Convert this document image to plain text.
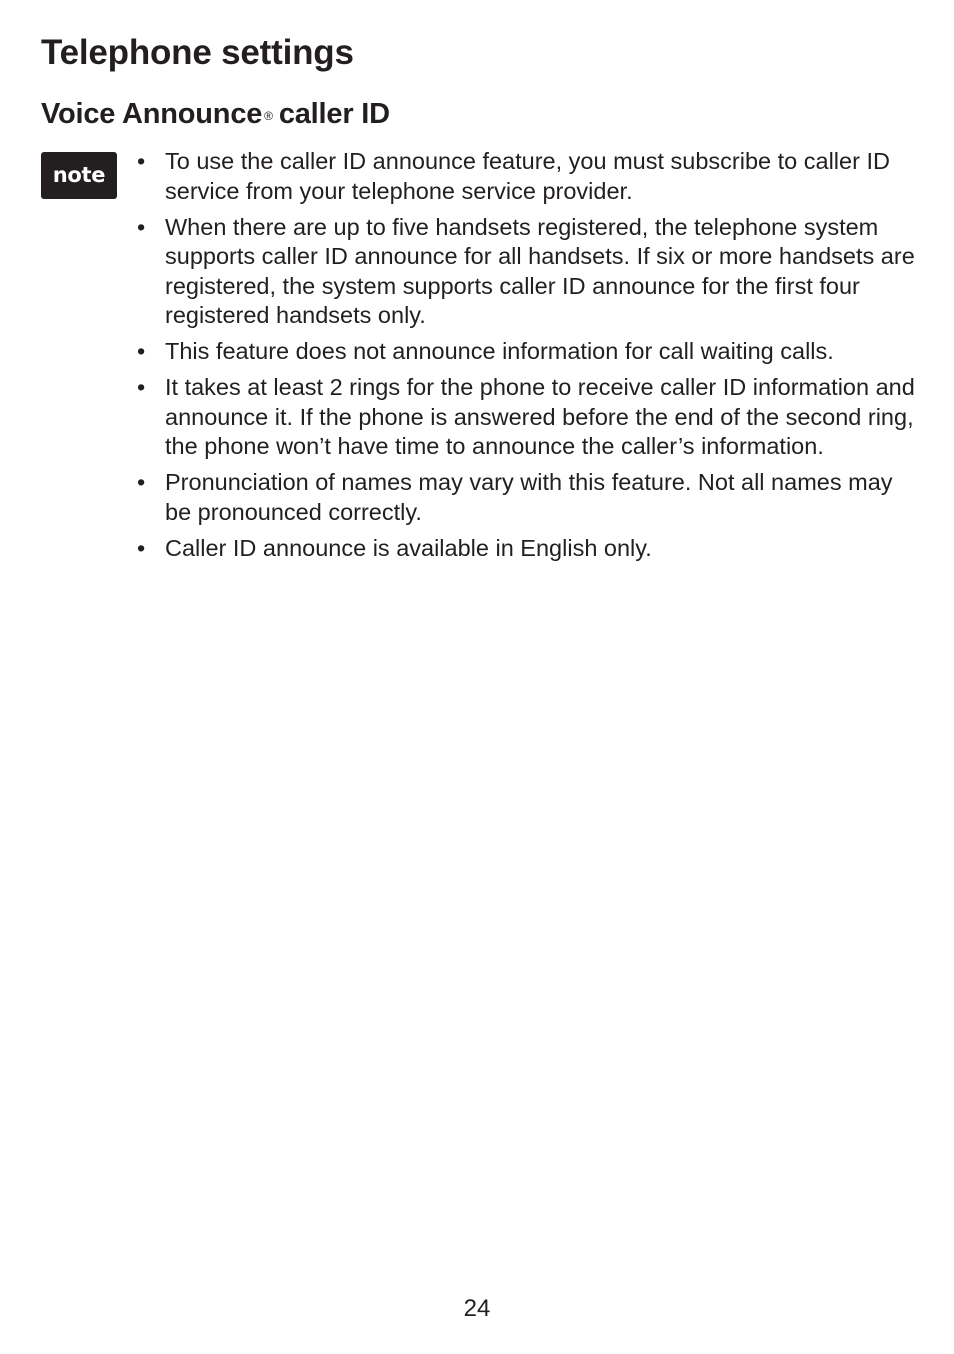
Telephone settings
Voice Announce ® caller ID
note
• To use the caller ID announce feature, you must subscribe to caller ID service from your telephone service provider.
• When there are up to five handsets registered, the telephone system supports caller ID announce for all handsets. If six or more handsets are registered, the system supports caller ID announce for the first four registered handsets only.
• This feature does not announce information for call waiting calls.
• It takes at least 2 rings for the phone to receive caller ID information and announce it. If the phone is answered before the end of the second ring, the phone won’t have time to announce the caller’s information.
• Pronunciation of names may vary with this feature. Not all names may be pronounced correctly.
• Caller ID announce is available in English only.
24
